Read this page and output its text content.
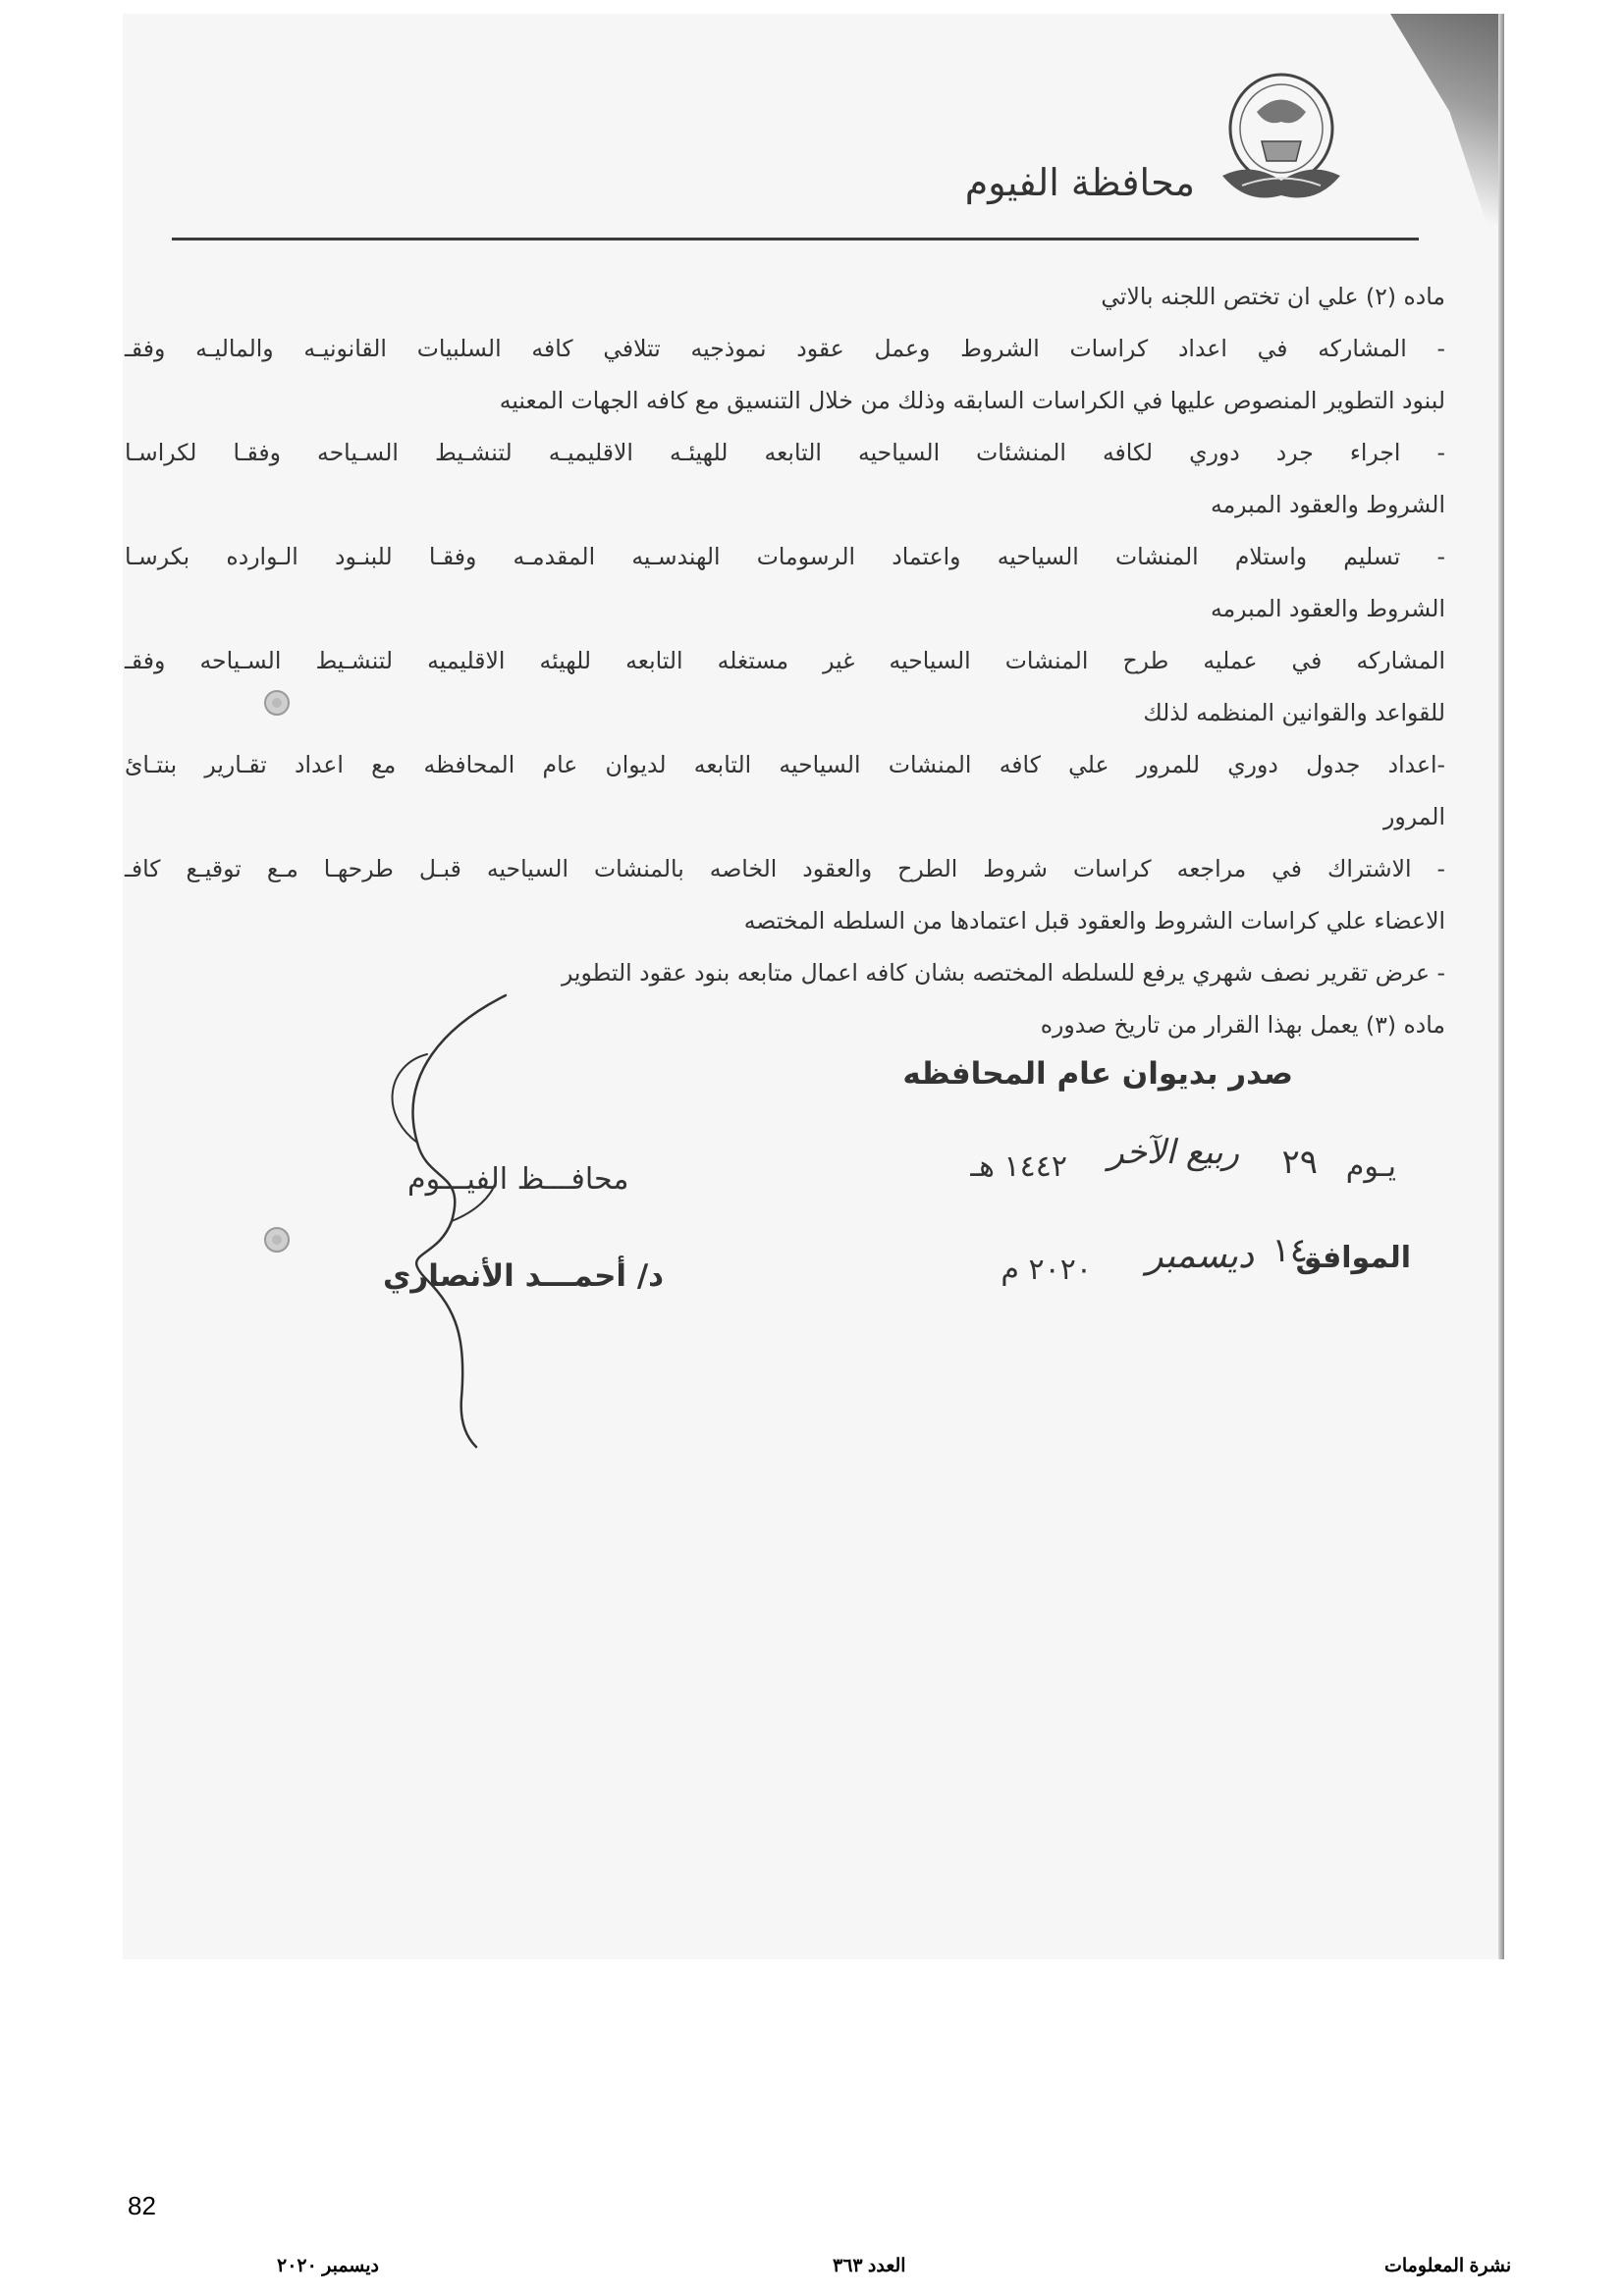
محافظة الفيوم

ماده (٢) علي ان تختص اللجنه بالاتي

- المشاركه في اعداد كراسات الشروط وعمل عقود نموذجيه تتلافي كافه السلبيات القانونيـه والماليـه وفقـ

لبنود التطوير المنصوص عليها في الكراسات السابقه وذلك من خلال التنسيق مع كافه الجهات المعنيه

- اجراء جرد دوري لكافه المنشئات السياحيه التابعه للهيئـه الاقليميـه لتنشـيط السـياحه وفقـا لكراسـا

الشروط والعقود المبرمه

- تسليم واستلام المنشات السياحيه واعتماد الرسومات الهندسـيه المقدمـه وفقـا للبنـود الـوارده بكرسـا

الشروط والعقود المبرمه

المشاركه في عمليه طرح المنشات السياحيه غير مستغله التابعه للهيئه الاقليميه لتنشـيط السـياحه وفقـ

للقواعد والقوانين المنظمه لذلك

-اعداد جدول دوري للمرور علي كافه المنشات السياحيه التابعه لديوان عام المحافظه مع اعداد تقـارير بنتـائ

المرور

- الاشتراك في مراجعه كراسات شروط الطرح والعقود الخاصه بالمنشات السياحيه قبـل طرحهـا مـع توقيـع كافـ

الاعضاء علي كراسات الشروط والعقود قبل اعتمادها من السلطه المختصه

- عرض تقرير نصف شهري يرفع للسلطه المختصه بشان كافه اعمال متابعه بنود عقود التطوير

ماده (٣) يعمل بهذا القرار من تاريخ صدوره

صدر بديوان عام المحافظه
يـوم
٢٩
ربيع الآخر
١٤٤٢ هـ
الموافق
١٤
ديسمبر
٢٠٢٠ م
محافـــظ الفيـــوم
د/ أحمـــد الأنصاري
82
ديسمبر ٢٠٢٠	العدد ٣٦٣	نشرة المعلومات
